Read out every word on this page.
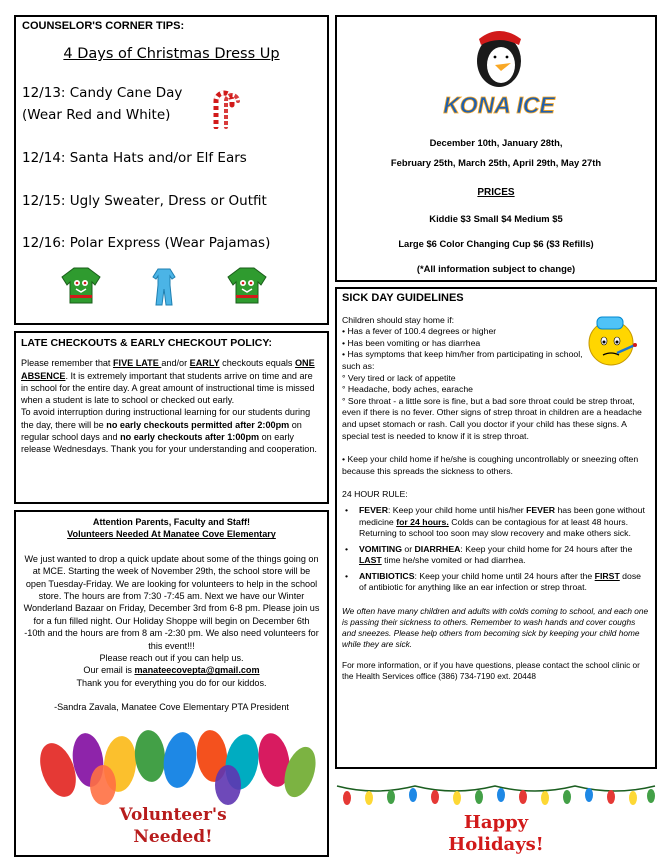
COUNSELOR'S CORNER TIPS:
4 Days of Christmas Dress Up
12/13: Candy Cane Day
(Wear Red and White)
12/14: Santa Hats and/or Elf Ears
12/15: Ugly Sweater, Dress or Outfit
12/16: Polar Express (Wear Pajamas)
LATE CHECKOUTS & EARLY CHECKOUT POLICY:
Please remember that FIVE LATE and/or EARLY checkouts equals ONE ABSENCE. It is extremely important that students arrive on time and are in school for the entire day. A great amount of instructional time is missed when a student is late to school or checked out early.
To avoid interruption during instructional learning for our students during the day, there will be no early checkouts permitted after 2:00pm on regular school days and no early checkouts after 1:00pm on early release Wednesdays. Thank you for your understanding and cooperation.

Attention Parents, Faculty and Staff!

Volunteers Needed At Manatee Cove Elementary

We just wanted to drop a quick update about some of the things going on at MCE. Starting the week of November 29th, the school store will be open Tuesday-Friday. We are looking for volunteers to help in the school store. The hours are from 7:30 -7:45 am. Next we have our Winter Wonderland Bazaar on Friday, December 3rd from 6-8 pm. Please join us for a fun filled night. Our Holiday Shoppe will begin on December 6th -10th and the hours are from 8 am -2:30 pm. We also need volunteers for this event!!!

Please reach out if you can help us.

Our email is manateecovepta@gmail.com

Thank you for everything you do for our kiddos.

-Sandra Zavala, Manatee Cove Elementary PTA President

Volunteer's
Needed!
KONA ICE
December 10th, January 28th,
February 25th, March 25th, April 29th, May 27th
PRICES
Kiddie $3 Small $4 Medium $5
Large $6 Color Changing Cup $6 ($3 Refills)
(*All information subject to change)
SICK DAY GUIDELINES
Children should stay home if:
• Has a fever of 100.4 degrees or higher
• Has been vomiting or has diarrhea
• Has symptoms that keep him/her from participating in school, such as:
° Very tired or lack of appetite
° Headache, body aches, earache
° Sore throat - a little sore is fine, but a bad sore throat could be strep throat, even if there is no fever. Other signs of strep throat in children are a headache and upset stomach or rash. Call you doctor if your child has these signs. A special test is needed to know if it is strep throat.
• Keep your child home if he/she is coughing uncontrollably or sneezing often because this spreads the sickness to others.
24 HOUR RULE:
•	FEVER: Keep your child home until his/her FEVER has been gone without medicine for 24 hours. Colds can be contagious for at least 48 hours. Returning to school too soon may slow recovery and make others sick.
•	VOMITING or DIARRHEA: Keep your child home for 24 hours after the LAST time he/she vomited or had diarrhea.
•	ANTIBIOTICS: Keep your child home until 24 hours after the FIRST dose of antibiotic for anything like an ear infection or strep throat.
We often have many children and adults with colds coming to school, and each one is passing their sickness to others. Remember to wash hands and cover coughs and sneezes. Please help others from becoming sick by keeping your child home while they are sick.
For more information, or if you have questions, please contact the school clinic or the Health Services office (386) 734-7190 ext. 20448
Happy
Holidays!
